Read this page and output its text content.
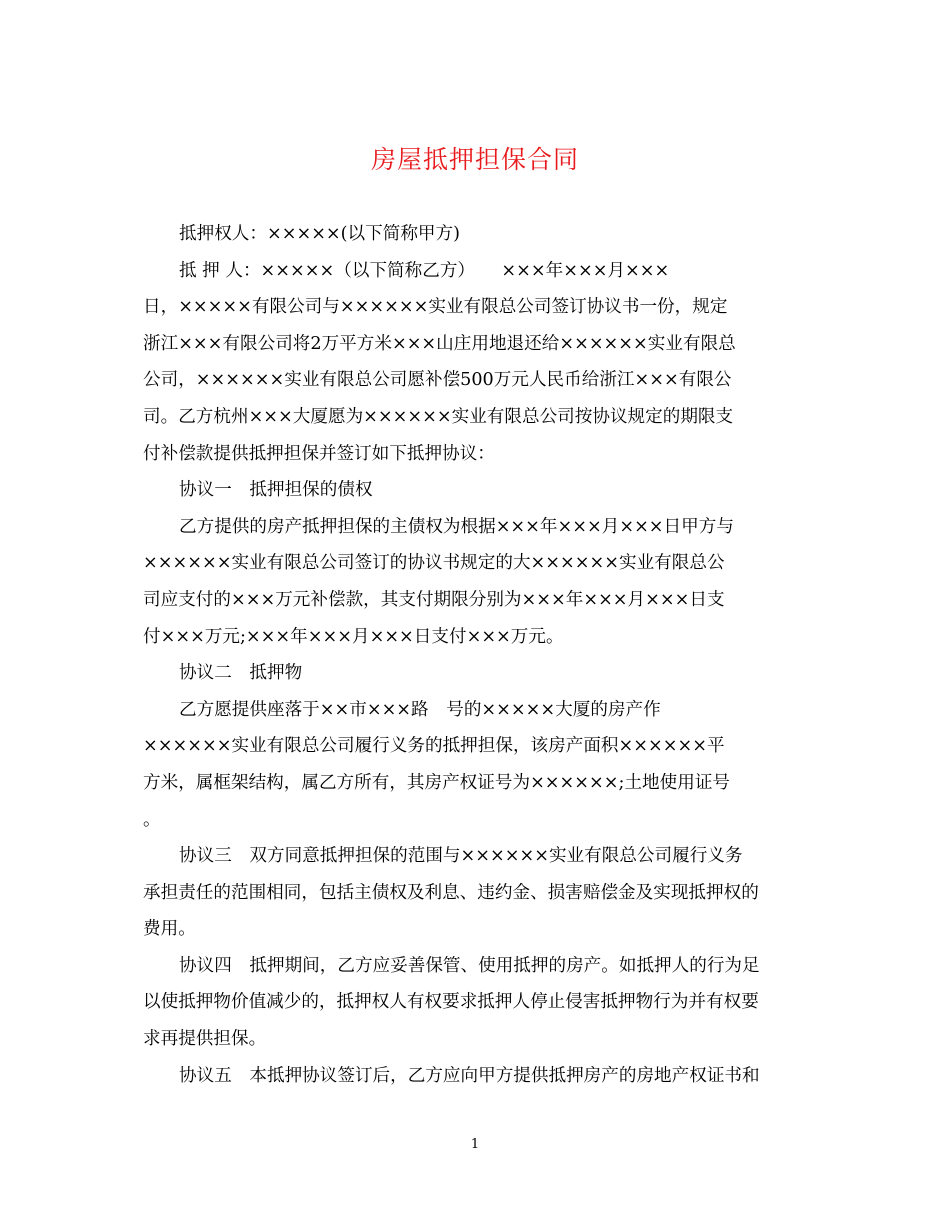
房屋抵押担保合同
抵押权人：×××××(以下简称甲方)
抵 押 人：×××××（以下简称乙方）　　×××年×××月×××
日，×××××有限公司与××××××实业有限总公司签订协议书一份，规定
浙江×××有限公司将2万平方米×××山庄用地退还给××××××实业有限总
公司，××××××实业有限总公司愿补偿500万元人民币给浙江×××有限公
司。乙方杭州×××大厦愿为××××××实业有限总公司按协议规定的期限支
付补偿款提供抵押担保并签订如下抵押协议：
协议一　抵押担保的债权
乙方提供的房产抵押担保的主债权为根据×××年×××月×××日甲方与
××××××实业有限总公司签订的协议书规定的大××××××实业有限总公
司应支付的×××万元补偿款，其支付期限分别为×××年×××月×××日支
付×××万元;×××年×××月×××日支付×××万元。
协议二　抵押物
乙方愿提供座落于××市×××路　号的×××××大厦的房产作
××××××实业有限总公司履行义务的抵押担保，该房产面积××××××平
方米，属框架结构，属乙方所有，其房产权证号为××××××;土地使用证号
。
协议三　双方同意抵押担保的范围与××××××实业有限总公司履行义务
承担责任的范围相同，包括主债权及利息、违约金、损害赔偿金及实现抵押权的
费用。
协议四　抵押期间，乙方应妥善保管、使用抵押的房产。如抵押人的行为足
以使抵押物价值减少的，抵押权人有权要求抵押人停止侵害抵押物行为并有权要
求再提供担保。
协议五　本抵押协议签订后，乙方应向甲方提供抵押房产的房地产权证书和
1
